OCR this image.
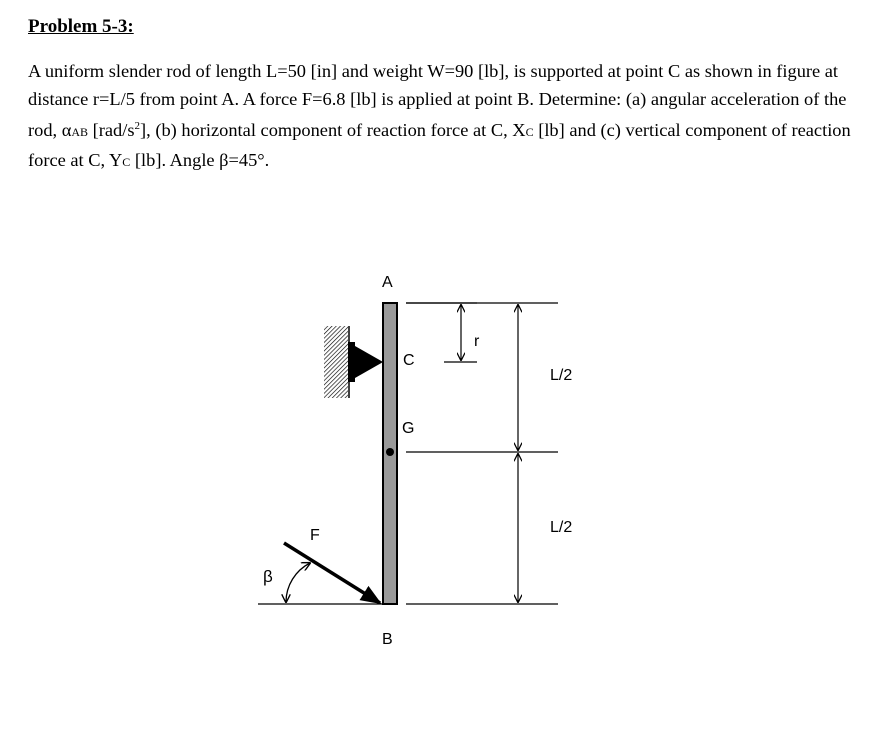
Problem 5-3:

A uniform slender rod of length L=50 [in] and weight W=90 [lb], is supported at point C as shown in figure at distance r=L/5 from point A. A force F=6.8 [lb] is applied at point B. Determine: (a) angular acceleration of the rod, αAB $[rad/s^2]$, (b) horizontal component of reaction force at C, XC [lb] and (c) vertical component of reaction force at C, YC [lb]. Angle β=45°.

A
B
C
G
F
β
r
L/2
L/2
